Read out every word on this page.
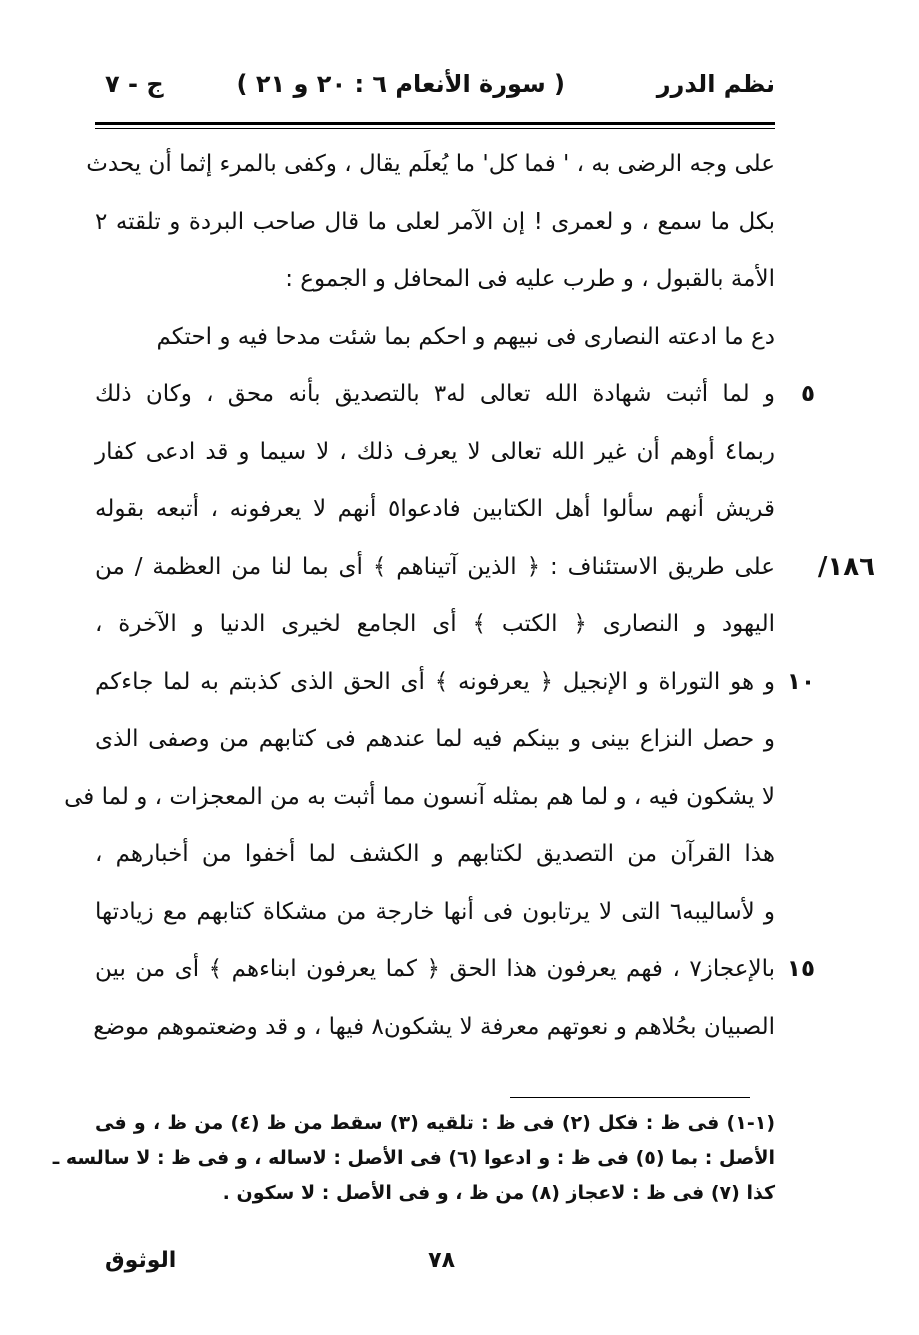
نظم الدرر
( سورة الأنعام ٦ : ٢٠ و ٢١ )
ج - ٧
على وجه الرضى به ، ' فما كل' ما يُعلَم يقال ، وكفى بالمرء إثما أن يحدث
بكل ما سمع ، و لعمرى ! إن الآمر لعلى ما قال صاحب البردة و تلقته ٢
الأمة بالقبول ، و طرب عليه فى المحافل و الجموع :
دع ما ادعته النصارى فى نبيهم و احكم بما شئت مدحا فيه و احتكم
٥
و لما أثبت شهادة الله تعالى له٣ بالتصديق بأنه محق ، وكان ذلك
ربما٤ أوهم أن غير الله تعالى لا يعرف ذلك ، لا سيما و قد ادعى كفار
قريش أنهم سألوا أهل الكتابين فادعوا٥ أنهم لا يعرفونه ، أتبعه بقوله
١٨٦/
على طريق الاستئناف : ﴿ الذين آتيناهم ﴾ أى بما لنا من العظمة / من
اليهود و النصارى ﴿ الكتب ﴾ أى الجامع لخيرى الدنيا و الآخرة ،
١٠
و هو التوراة و الإنجيل ﴿ يعرفونه ﴾ أى الحق الذى كذبتم به لما جاءكم
و حصل النزاع بينى و بينكم فيه لما عندهم فى كتابهم من وصفى الذى
لا يشكون فيه ، و لما هم بمثله آنسون مما أثبت به من المعجزات ، و لما فى
هذا القرآن من التصديق لكتابهم و الكشف لما أخفوا من أخبارهم ،
و لأساليبه٦ التى لا يرتابون فى أنها خارجة من مشكاة كتابهم مع زيادتها
١٥
بالإعجاز٧ ، فهم يعرفون هذا الحق ﴿ كما يعرفون ابناءهم ﴾ أى من بين
الصبيان بحُلاهم و نعوتهم معرفة لا يشكون٨ فيها ، و قد وضعتموهم موضع
(١-١) فى ظ : فكل (٢) فى ظ : تلقيه (٣) سقط من ظ (٤) من ظ ، و فى
الأصل : بما (٥) فى ظ : و ادعوا (٦) فى الأصل : لاساله ، و فى ظ : لا سالسه ـ
كذا (٧) فى ظ : لاعجاز (٨) من ظ ، و فى الأصل : لا سكون .
٧٨
الوثوق
